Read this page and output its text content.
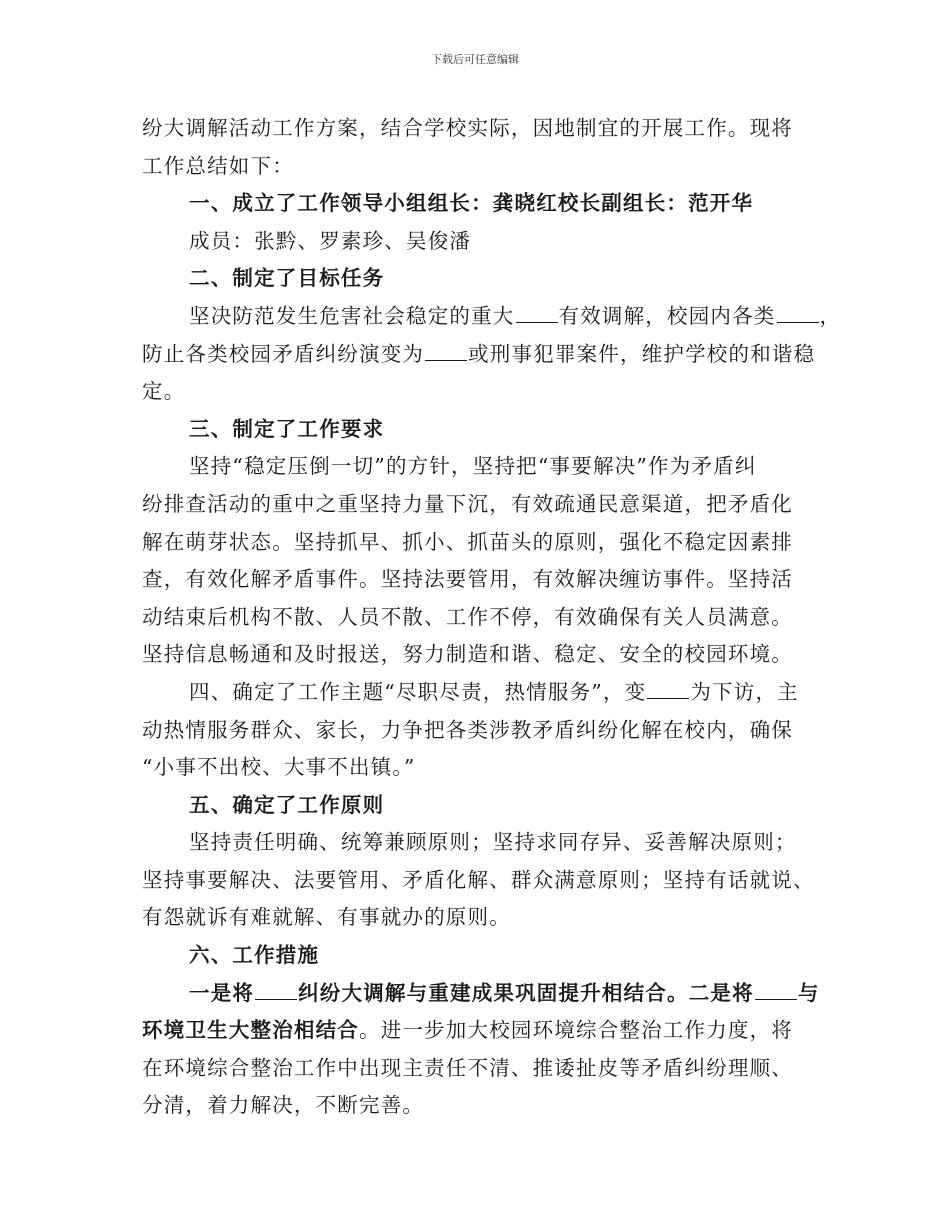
下载后可任意编辑
纷大调解活动工作方案，结合学校实际，因地制宜的开展工作。现将
工作总结如下：
一、成立了工作领导小组组长：龚晓红校长副组长：范开华
成员：张黔、罗素珍、吴俊潘
二、制定了目标任务
坚决防范发生危害社会稳定的重大 有效调解，校园内各类 ，
防止各类校园矛盾纠纷演变为 或刑事犯罪案件，维护学校的和谐稳
定。
三、制定了工作要求
坚持“稳定压倒一切”的方针，坚持把“事要解决”作为矛盾纠
纷排查活动的重中之重坚持力量下沉，有效疏通民意渠道，把矛盾化
解在萌芽状态。坚持抓早、抓小、抓苗头的原则，强化不稳定因素排
查，有效化解矛盾事件。坚持法要管用，有效解决缠访事件。坚持活
动结束后机构不散、人员不散、工作不停，有效确保有关人员满意。
坚持信息畅通和及时报送，努力制造和谐、稳定、安全的校园环境。
四、确定了工作主题“尽职尽责，热情服务”，变 为下访，主
动热情服务群众、家长，力争把各类涉教矛盾纠纷化解在校内，确保
“小事不出校、大事不出镇。”
五、确定了工作原则
坚持责任明确、统筹兼顾原则；坚持求同存异、妥善解决原则；
坚持事要解决、法要管用、矛盾化解、群众满意原则；坚持有话就说、
有怨就诉有难就解、有事就办的原则。
六、工作措施
一是将 纠纷大调解与重建成果巩固提升相结合。二是将 与
环境卫生大整治相结合。进一步加大校园环境综合整治工作力度，将
在环境综合整治工作中出现主责任不清、推诿扯皮等矛盾纠纷理顺、
分清，着力解决，不断完善。
